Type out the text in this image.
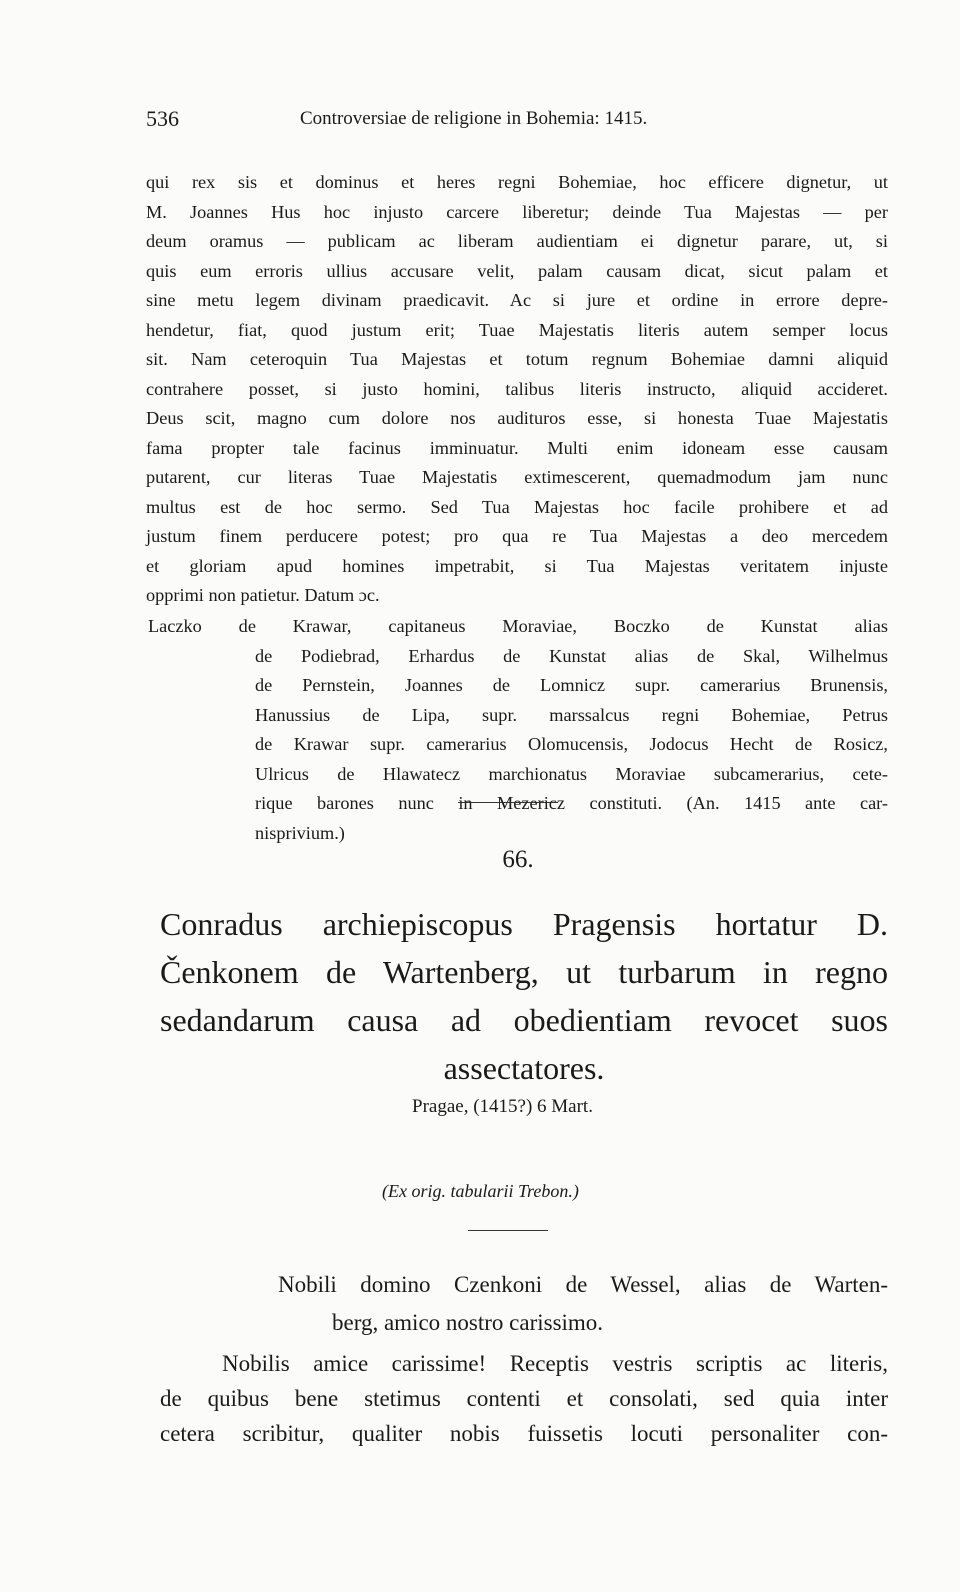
536	Controversiae de religione in Bohemia: 1415.

qui rex sis et dominus et heres regni Bohemiae, hoc efficere dignetur, ut
M. Joannes Hus hoc injusto carcere liberetur; deinde Tua Majestas — per
deum oramus — publicam ac liberam audientiam ei dignetur parare, ut, si
quis eum erroris ullius accusare velit, palam causam dicat, sicut palam et
sine metu legem divinam praedicavit. Ac si jure et ordine in errore depre-
hendetur, fiat, quod justum erit; Tuae Majestatis literis autem semper locus
sit. Nam ceteroquin Tua Majestas et totum regnum Bohemiae damni aliquid
contrahere posset, si justo homini, talibus literis instructo, aliquid accideret.
Deus scit, magno cum dolore nos audituros esse, si honesta Tuae Majestatis
fama propter tale facinus imminuatur. Multi enim idoneam esse causam
putarent, cur literas Tuae Majestatis extimescerent, quemadmodum jam nunc
multus est de hoc sermo. Sed Tua Majestas hoc facile prohibere et ad
justum finem perducere potest; pro qua re Tua Majestas a deo mercedem
et gloriam apud homines impetrabit, si Tua Majestas veritatem injuste
opprimi non patietur. Datum ɔc.

Laczko de Krawar, capitaneus Moraviae, Boczko de Kunstat alias
de Podiebrad, Erhardus de Kunstat alias de Skal, Wilhelmus
de Pernstein, Joannes de Lomnicz supr. camerarius Brunensis,
Hanussius de Lipa, supr. marssalcus regni Bohemiae, Petrus
de Krawar supr. camerarius Olomucensis, Jodocus Hecht de Rosicz,
Ulricus de Hlawatecz marchionatus Moraviae subcamerarius, cete-
rique barones nunc in Mezericz constituti. (An. 1415 ante car-
nisprivium.)

66.

Conradus archiepiscopus Pragensis hortatur D.
Čenkonem de Wartenberg, ut turbarum in regno
sedandarum causa ad obedientiam revocet suos
assectatores.

Pragae, (1415?) 6 Mart.
(Ex orig. tabularii Trebon.)

Nobili domino Czenkoni de Wessel, alias de Warten-
berg, amico nostro carissimo.

Nobilis amice carissime! Receptis vestris scriptis ac literis,
de quibus bene stetimus contenti et consolati, sed quia inter
cetera scribitur, qualiter nobis fuissetis locuti personaliter con-
